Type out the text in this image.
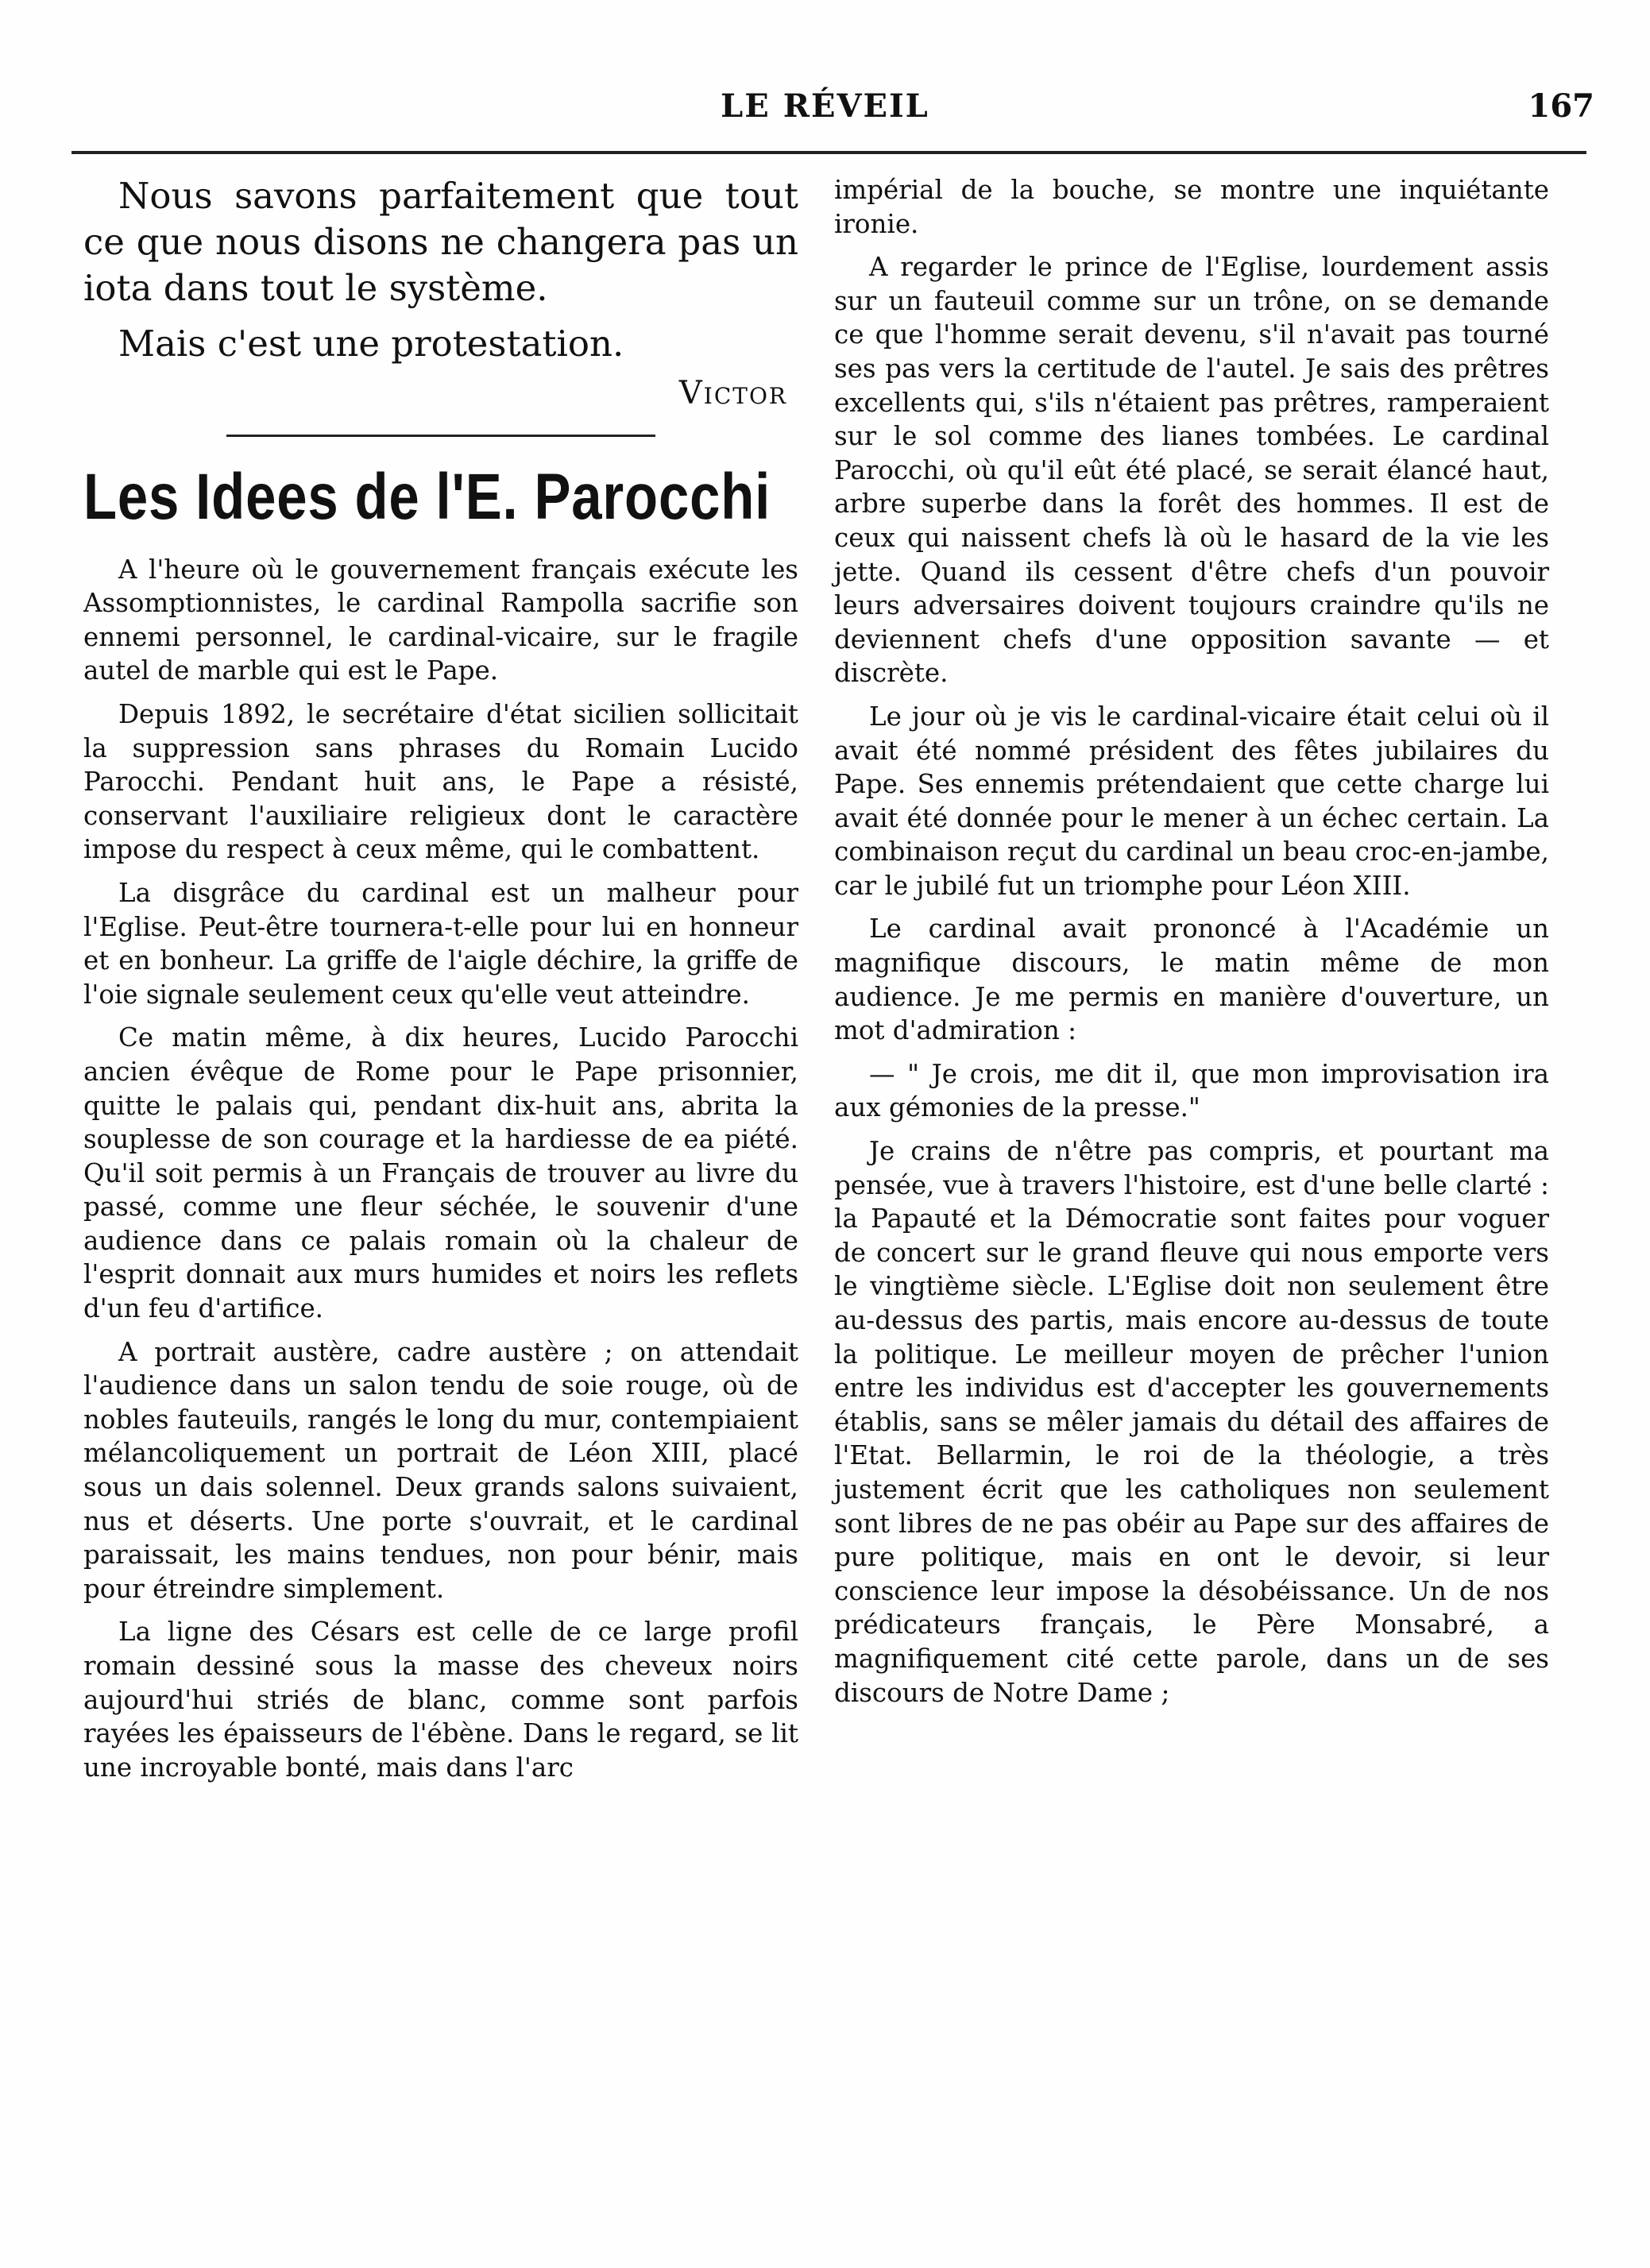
LE RÉVEIL	167

Nous savons parfaitement que tout ce que nous disons ne changera pas un iota dans tout le système.

Mais c'est une protestation.

Victor
Les Idees de l'E. Parocchi

A l'heure où le gouvernement français exécute les Assomptionnistes, le cardinal Rampolla sacrifie son ennemi personnel, le cardinal-vicaire, sur le fragile autel de marble qui est le Pape.

Depuis 1892, le secrétaire d'état sicilien sollicitait la suppression sans phrases du Romain Lucido Parocchi. Pendant huit ans, le Pape a résisté, conservant l'auxiliaire religieux dont le caractère impose du respect à ceux même, qui le combattent.

La disgrâce du cardinal est un malheur pour l'Eglise. Peut-être tournera-t-elle pour lui en honneur et en bonheur. La griffe de l'aigle déchire, la griffe de l'oie signale seulement ceux qu'elle veut atteindre.

Ce matin même, à dix heures, Lucido Parocchi ancien évêque de Rome pour le Pape prisonnier, quitte le palais qui, pendant dix-huit ans, abrita la souplesse de son courage et la hardiesse de ea piété. Qu'il soit permis à un Français de trouver au livre du passé, comme une fleur séchée, le souvenir d'une audience dans ce palais romain où la chaleur de l'esprit donnait aux murs humides et noirs les reflets d'un feu d'artifice.

A portrait austère, cadre austère ; on attendait l'audience dans un salon tendu de soie rouge, où de nobles fauteuils, rangés le long du mur, contempiaient mélancoliquement un portrait de Léon XIII, placé sous un dais solennel. Deux grands salons suivaient, nus et déserts. Une porte s'ouvrait, et le cardinal paraissait, les mains tendues, non pour bénir, mais pour étreindre simplement.

La ligne des Césars est celle de ce large profil romain dessiné sous la masse des cheveux noirs aujourd'hui striés de blanc, comme sont parfois rayées les épaisseurs de l'ébène. Dans le regard, se lit une incroyable bonté, mais dans l'arc

impérial de la bouche, se montre une inquiétante ironie.

A regarder le prince de l'Eglise, lourdement assis sur un fauteuil comme sur un trône, on se demande ce que l'homme serait devenu, s'il n'avait pas tourné ses pas vers la certitude de l'autel. Je sais des prêtres excellents qui, s'ils n'étaient pas prêtres, ramperaient sur le sol comme des lianes tombées. Le cardinal Parocchi, où qu'il eût été placé, se serait élancé haut, arbre superbe dans la forêt des hommes. Il est de ceux qui naissent chefs là où le hasard de la vie les jette. Quand ils cessent d'être chefs d'un pouvoir leurs adversaires doivent toujours craindre qu'ils ne deviennent chefs d'une opposition savante — et discrète.

Le jour où je vis le cardinal-vicaire était celui où il avait été nommé président des fêtes jubilaires du Pape. Ses ennemis prétendaient que cette charge lui avait été donnée pour le mener à un échec certain. La combinaison reçut du cardinal un beau croc-en-jambe, car le jubilé fut un triomphe pour Léon XIII.

Le cardinal avait prononcé à l'Académie un magnifique discours, le matin même de mon audience. Je me permis en manière d'ouverture, un mot d'admiration :

— " Je crois, me dit il, que mon improvisation ira aux gémonies de la presse."

Je crains de n'être pas compris, et pourtant ma pensée, vue à travers l'histoire, est d'une belle clarté : la Papauté et la Démocratie sont faites pour voguer de concert sur le grand fleuve qui nous emporte vers le vingtième siècle. L'Eglise doit non seulement être au-dessus des partis, mais encore au-dessus de toute la politique. Le meilleur moyen de prêcher l'union entre les individus est d'accepter les gouvernements établis, sans se mêler jamais du détail des affaires de l'Etat. Bellarmin, le roi de la théologie, a très justement écrit que les catholiques non seulement sont libres de ne pas obéir au Pape sur des affaires de pure politique, mais en ont le devoir, si leur conscience leur impose la désobéissance. Un de nos prédicateurs français, le Père Monsabré, a magnifiquement cité cette parole, dans un de ses discours de Notre Dame ;
